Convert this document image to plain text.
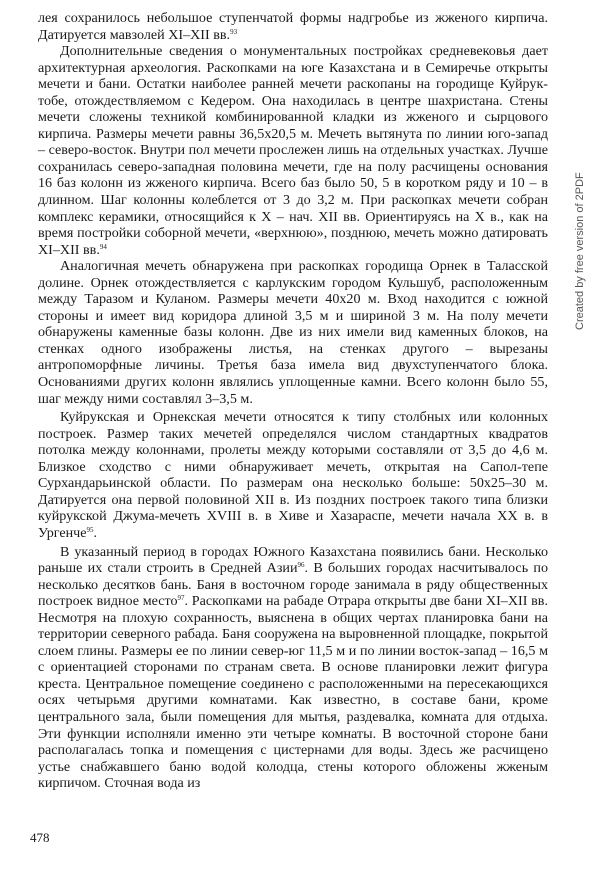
лея сохранилось небольшое ступенчатой формы надгробье из жженого кирпича. Датируется мавзолей XI–XII вв.$^{93}$

Дополнительные сведения о монументальных постройках средневековья дает архитектурная археология. Раскопками на юге Казахстана и в Семиречье открыты мечети и бани. Остатки наиболее ранней мечети раскопаны на городище Куйрук-тобе, отождествляемом с Кедером. Она находилась в центре шахристана. Стены мечети сложены техникой комбинированной кладки из жженого и сырцового кирпича. Размеры мечети равны 36,5х20,5 м. Мечеть вытянута по линии юго-запад – северо-восток. Внутри пол мечети прослежен лишь на отдельных участках. Лучше сохранилась северо-западная половина мечети, где на полу расчищены основания 16 баз колонн из жженого кирпича. Всего баз было 50, 5 в коротком ряду и 10 – в длинном. Шаг колонны колеблется от 3 до 3,2 м. При раскопках мечети собран комплекс керамики, относящийся к Х – нач. XII вв. Ориентируясь на Х в., как на время постройки соборной мечети, «верхнюю», позднюю, мечеть можно датировать XI–XII вв.$^{94}$

Аналогичная мечеть обнаружена при раскопках городища Орнек в Таласской долине. Орнек отождествляется с карлукским городом Кульшуб, расположенным между Таразом и Куланом. Размеры мечети 40х20 м. Вход находится с южной стороны и имеет вид коридора длиной 3,5 м и шириной 3 м. На полу мечети обнаружены каменные базы колонн. Две из них имели вид каменных блоков, на стенках одного изображены листья, на стенках другого – вырезаны антропоморфные личины. Третья база имела вид двухступенчатого блока. Основаниями других колонн являлись уплощенные камни. Всего колонн было 55, шаг между ними составлял 3–3,5 м.

Куйрукская и Орнекская мечети относятся к типу столбных или колонных построек. Размер таких мечетей определялся числом стандартных квадратов потолка между колоннами, пролеты между которыми составляли от 3,5 до 4,6 м. Близкое сходство с ними обнаруживает мечеть, открытая на Сапол-тепе Сурхандарьинской области. По размерам она несколько больше: 50х25–30 м. Датируется она первой половиной XII в. Из поздних построек такого типа близки куйрукской Джума-мечеть XVIII в. в Хиве и Хазараспе, мечети начала ХХ в. в Ургенче$^{95}$.

В указанный период в городах Южного Казахстана появились бани. Несколько раньше их стали строить в Средней Азии$^{96}$. В больших городах насчитывалось по несколько десятков бань. Баня в восточном городе занимала в ряду общественных построек видное место$^{97}$. Раскопками на рабаде Отрара открыты две бани XI–XII вв. Несмотря на плохую сохранность, выяснена в общих чертах планировка бани на территории северного рабада. Баня сооружена на выровненной площадке, покрытой слоем глины. Размеры ее по линии север-юг 11,5 м и по линии восток-запад – 16,5 м с ориентацией сторонами по странам света. В основе планировки лежит фигура креста. Центральное помещение соединено с расположенными на пересекающихся осях четырьмя другими комнатами. Как известно, в составе бани, кроме центрального зала, были помещения для мытья, раздевалка, комната для отдыха. Эти функции исполняли именно эти четыре комнаты. В восточной стороне бани располагалась топка и помещения с цистернами для воды. Здесь же расчищено устье снабжавшего баню водой колодца, стены которого обложены жженым кирпичом. Сточная вода из

478
Created by free version of 2PDF
